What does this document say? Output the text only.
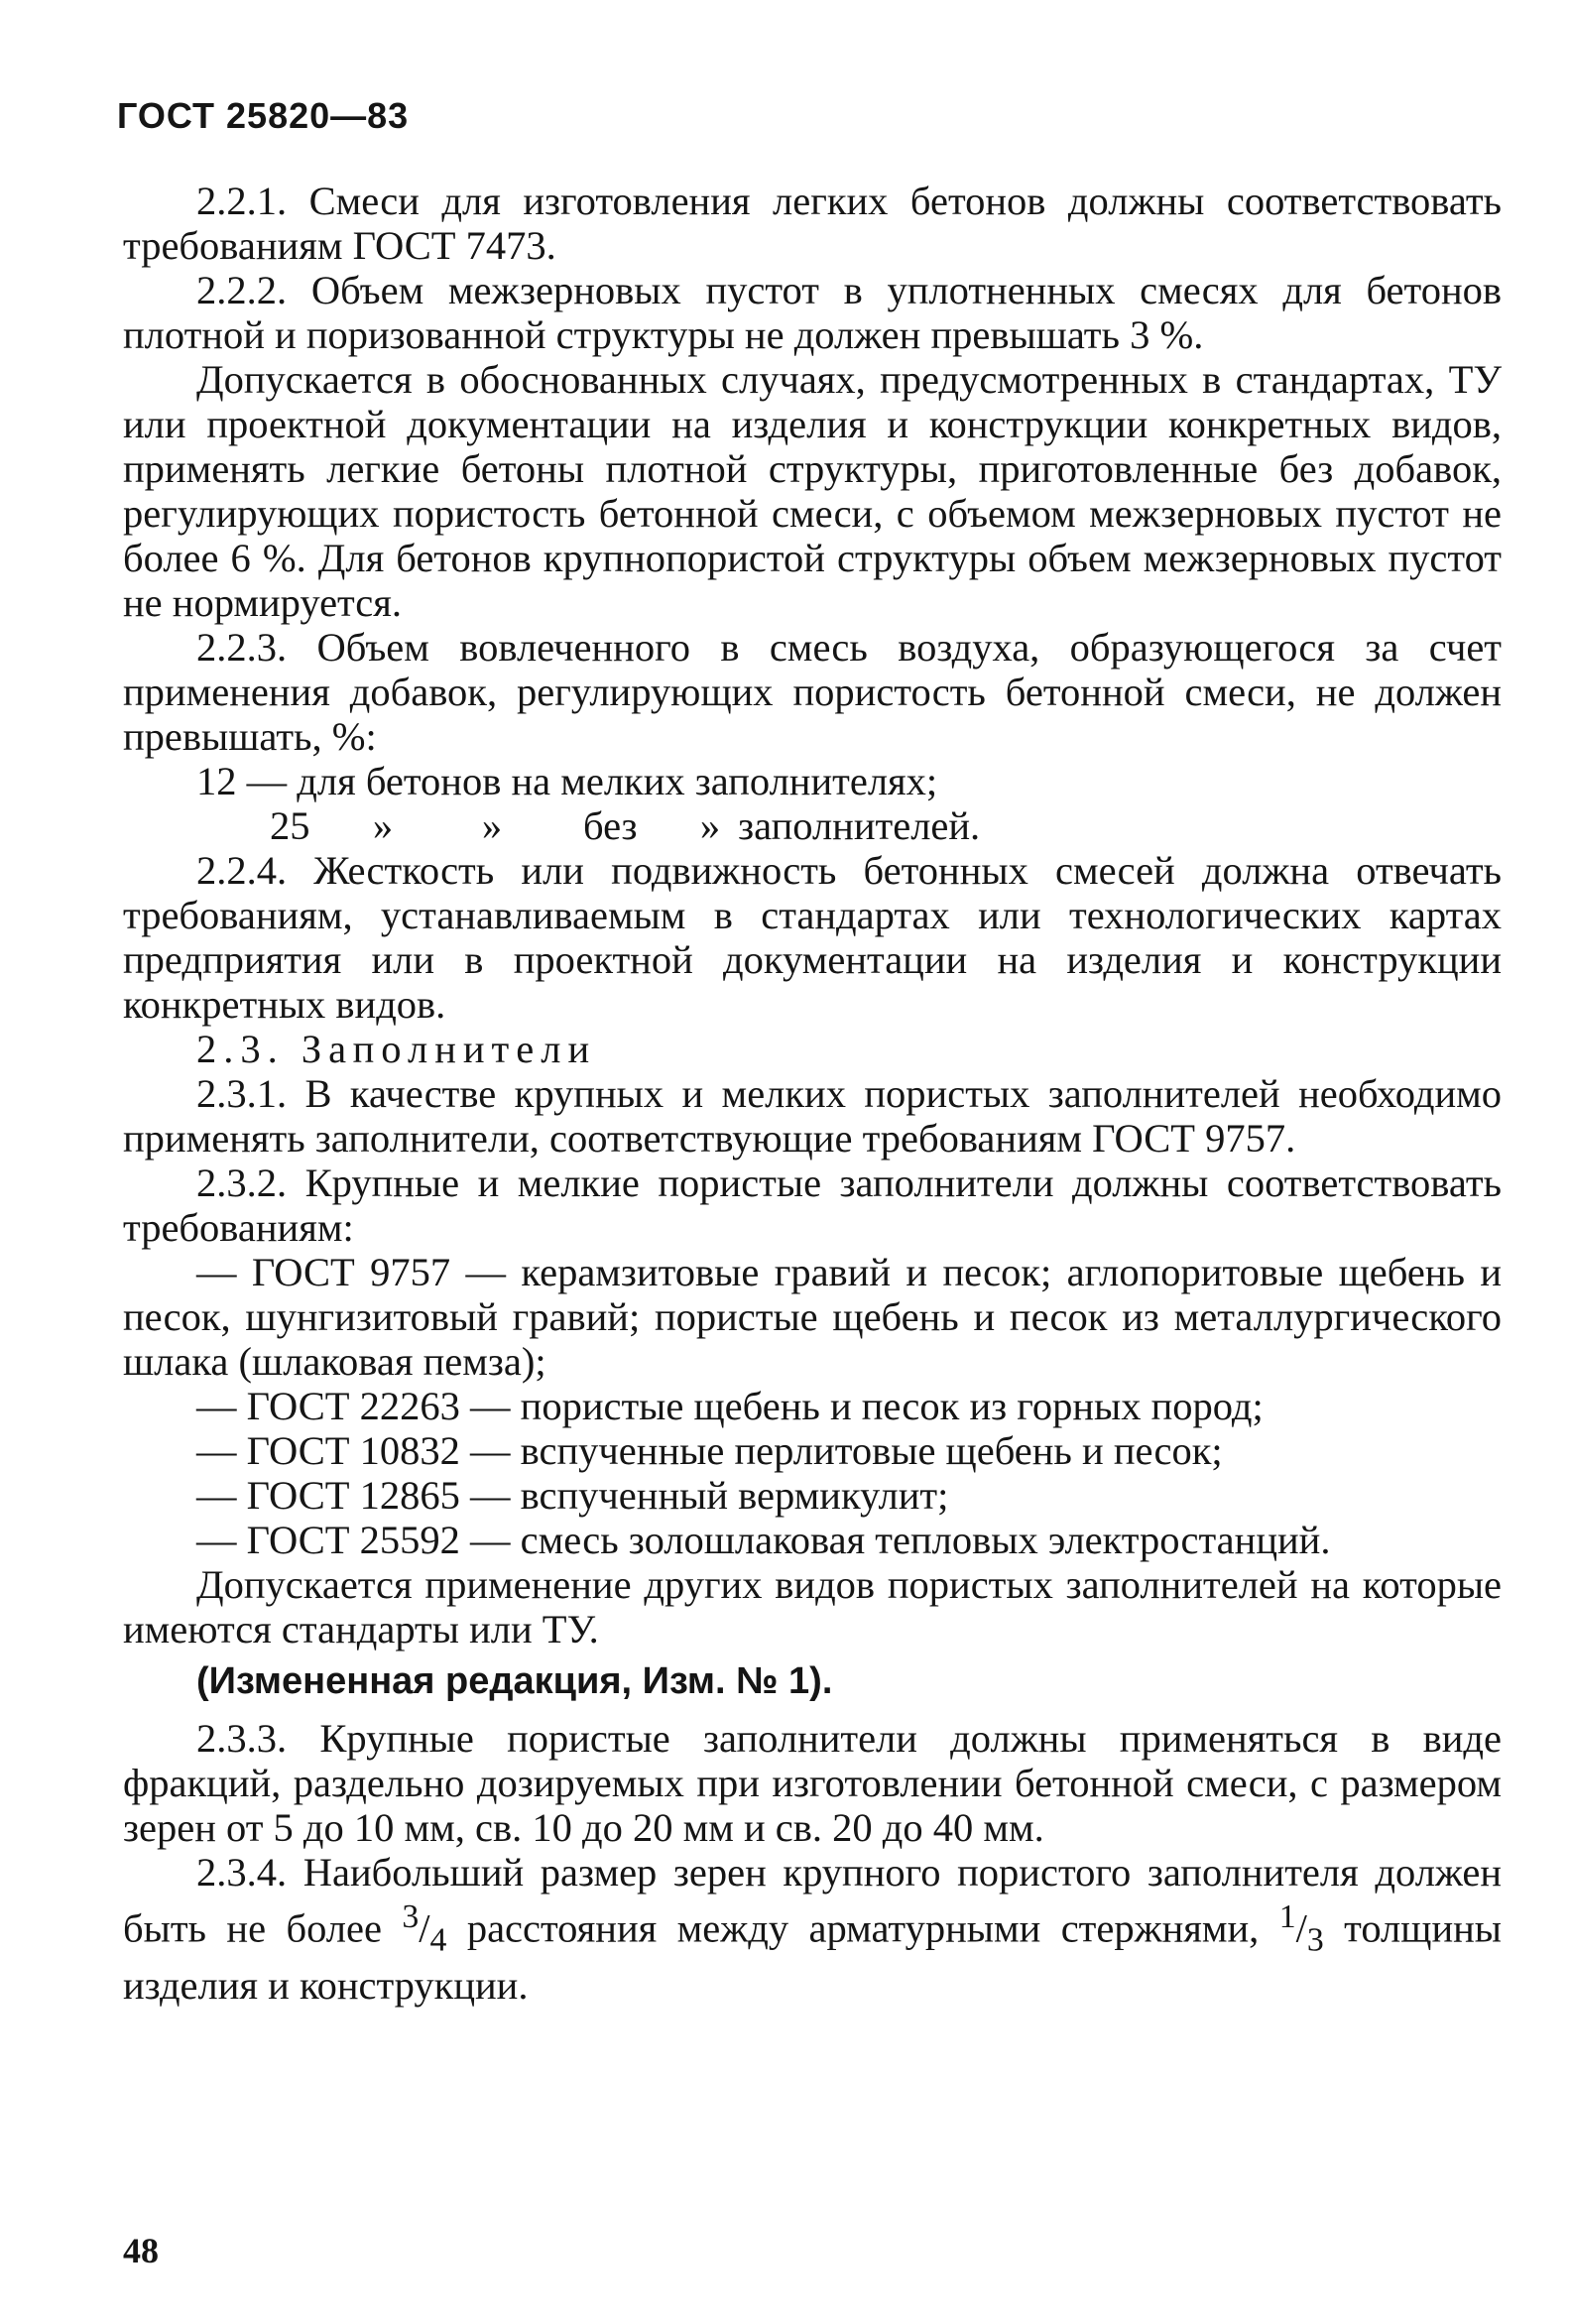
ГОСТ 25820—83

2.2.1. Смеси для изготовления легких бетонов должны соответствовать требованиям ГОСТ 7473.

2.2.2. Объем межзерновых пустот в уплотненных смесях для бетонов плотной и поризованной структуры не должен превышать 3 %.

Допускается в обоснованных случаях, предусмотренных в стандартах, ТУ или проектной документации на изделия и конструкции конкретных видов, применять легкие бетоны плотной структуры, приготовленные без добавок, регулирующих пористость бетонной смеси, с объемом межзерновых пустот не более 6 %. Для бетонов крупнопористой структуры объем межзерновых пустот не нормируется.

2.2.3. Объем вовлеченного в смесь воздуха, образующегося за счет применения добавок, регулирующих пористость бетонной смеси, не должен превышать, %:

12 — для бетонов на мелких заполнителях;

25 » » без » заполнителей.

2.2.4. Жесткость или подвижность бетонных смесей должна отвечать требованиям, устанавливаемым в стандартах или технологических картах предприятия или в проектной документации на изделия и конструкции конкретных видов.

2.3. Заполнители

2.3.1. В качестве крупных и мелких пористых заполнителей необходимо применять заполнители, соответствующие требованиям ГОСТ 9757.

2.3.2. Крупные и мелкие пористые заполнители должны соответствовать требованиям:

— ГОСТ 9757 — керамзитовые гравий и песок; аглопоритовые щебень и песок, шунгизитовый гравий; пористые щебень и песок из металлургического шлака (шлаковая пемза);

— ГОСТ 22263 — пористые щебень и песок из горных пород;

— ГОСТ 10832 — вспученные перлитовые щебень и песок;

— ГОСТ 12865 — вспученный вермикулит;

— ГОСТ 25592 — смесь золошлаковая тепловых электростанций.

Допускается применение других видов пористых заполнителей на которые имеются стандарты или ТУ.

(Измененная редакция, Изм. № 1).

2.3.3. Крупные пористые заполнители должны применяться в виде фракций, раздельно дозируемых при изготовлении бетонной смеси, с размером зерен от 5 до 10 мм, св. 10 до 20 мм и св. 20 до 40 мм.

2.3.4. Наибольший размер зерен крупного пористого заполнителя должен быть не более $^3/_4$ расстояния между арматурными стержнями, $^1/_3$ толщины изделия и конструкции.

48
